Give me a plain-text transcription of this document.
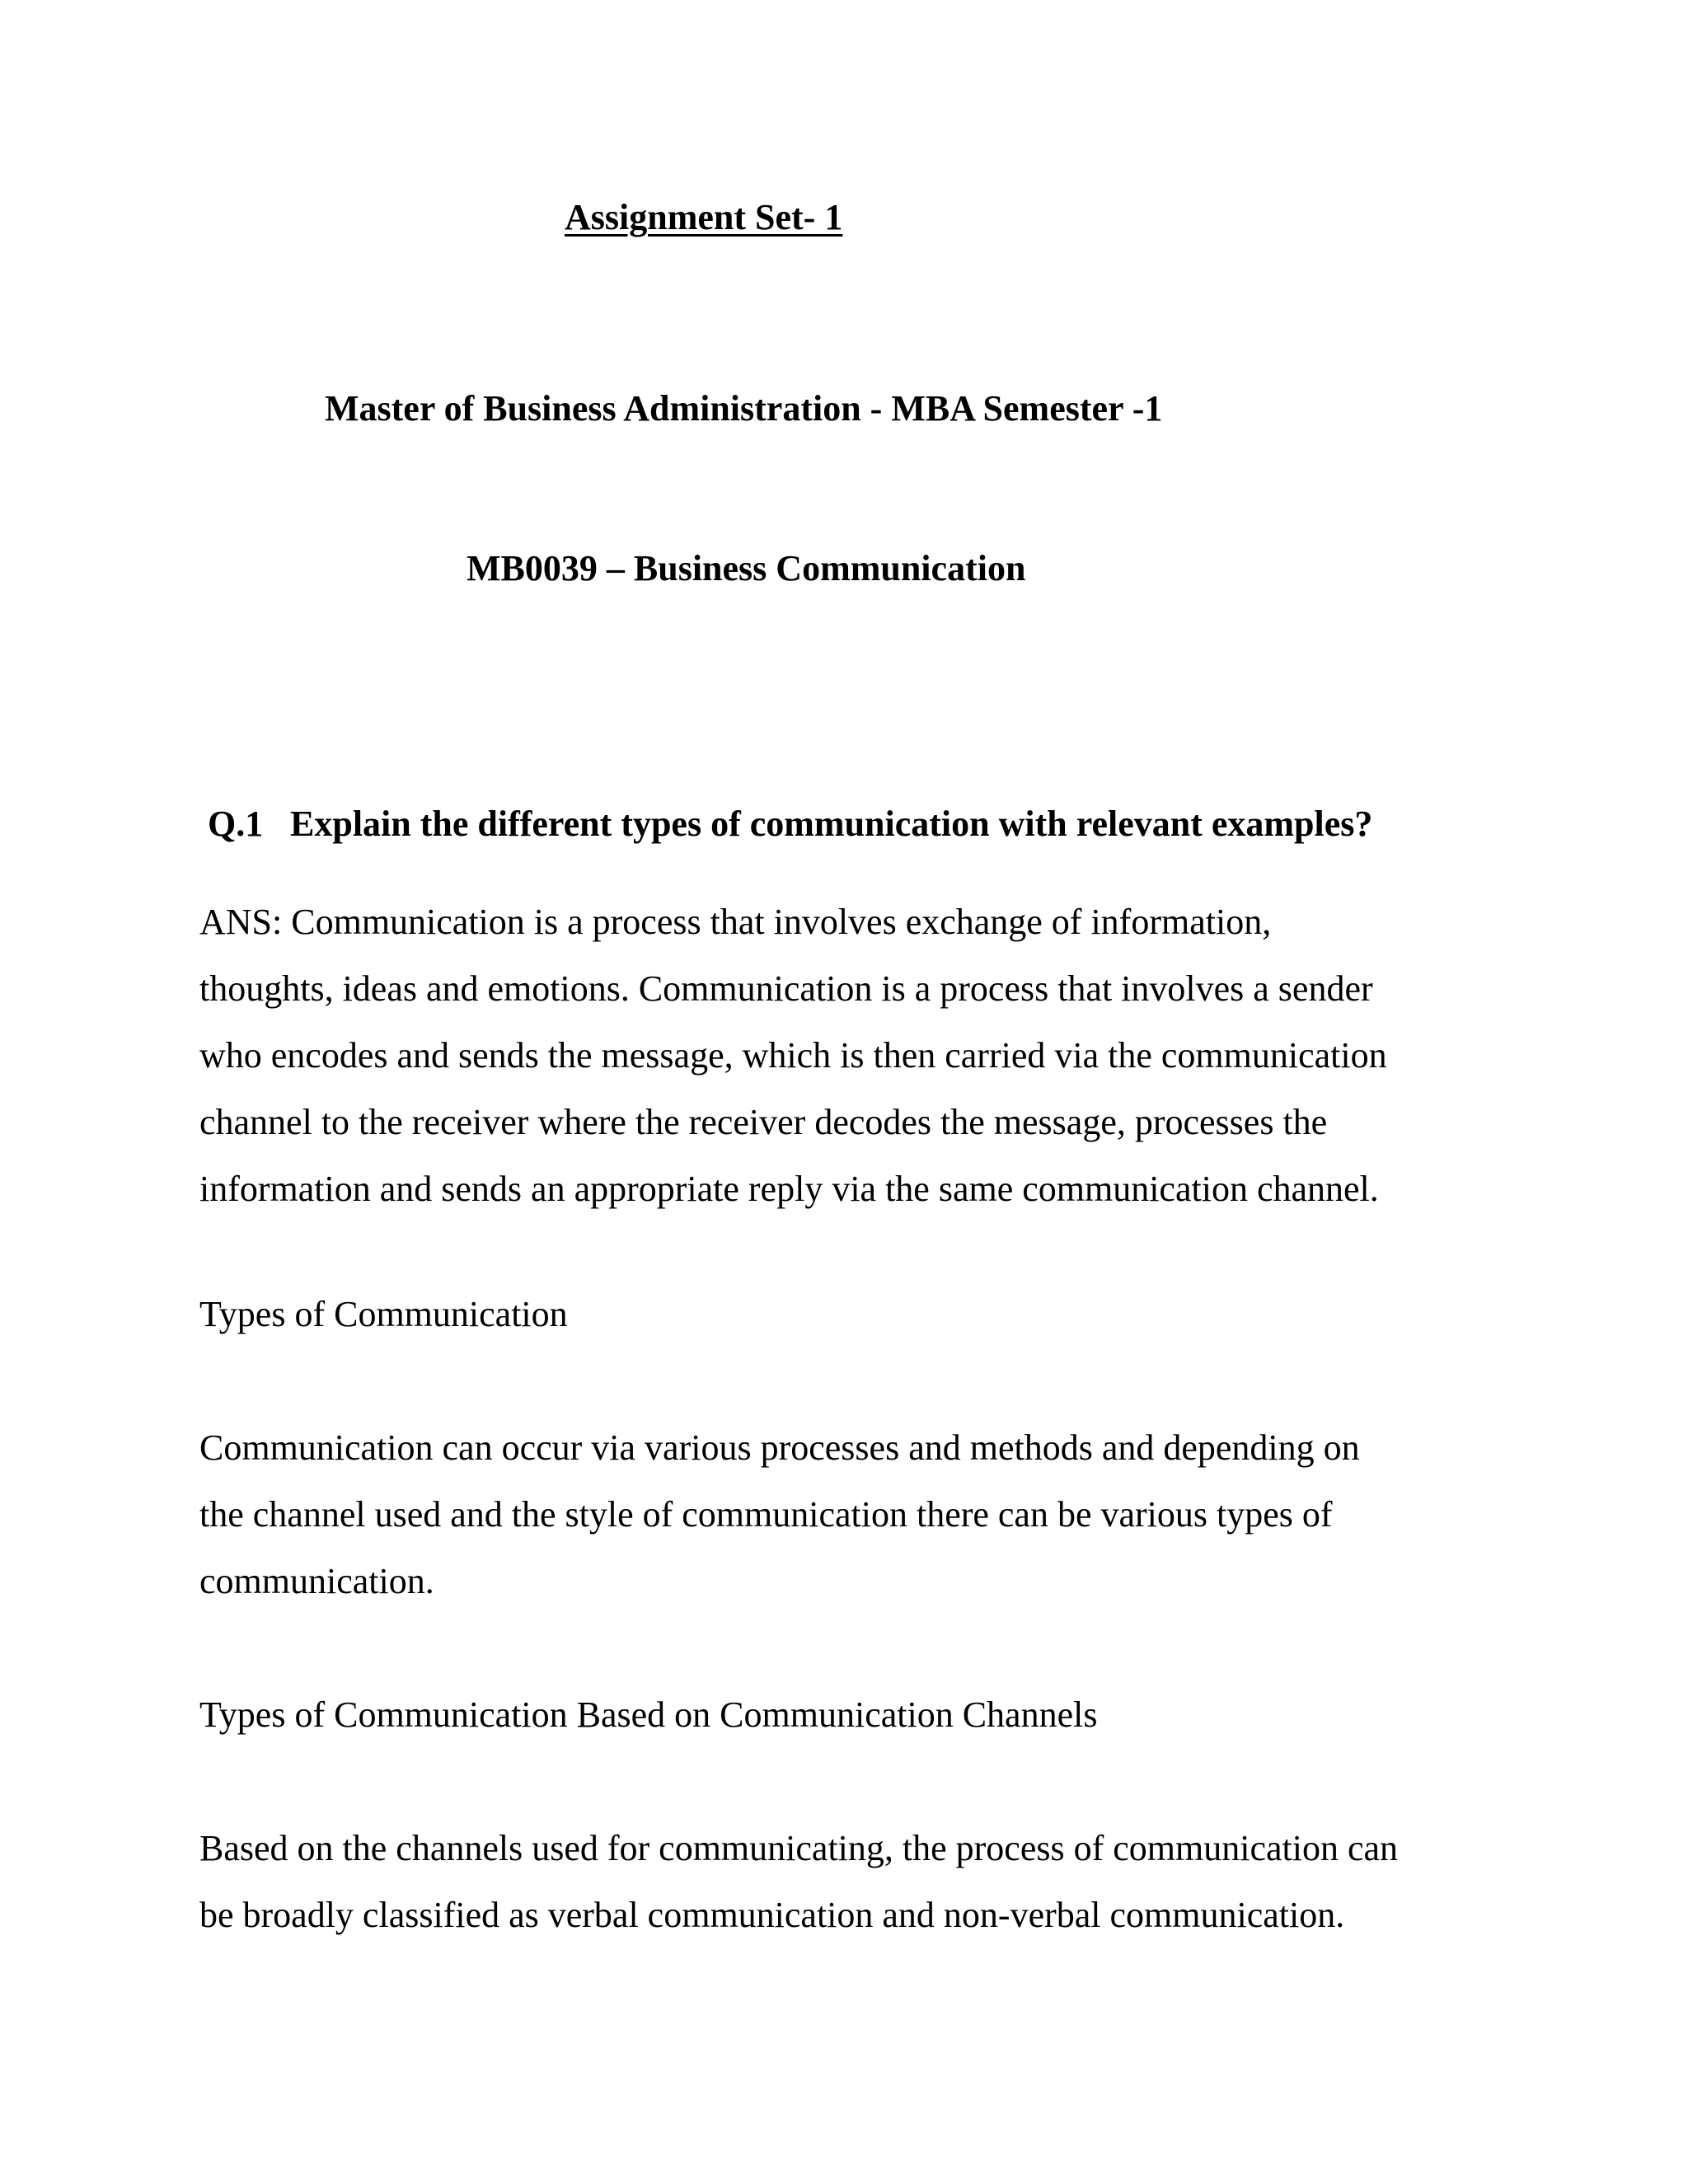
Assignment Set- 1
Master of Business Administration - MBA Semester -1
MB0039 – Business Communication

Q.1 Explain the different types of communication with relevant examples?

ANS: Communication is a process that involves exchange of information,
thoughts, ideas and emotions. Communication is a process that involves a sender
who encodes and sends the message, which is then carried via the communication
channel to the receiver where the receiver decodes the message, processes the
information and sends an appropriate reply via the same communication channel.

Types of Communication

Communication can occur via various processes and methods and depending on
the channel used and the style of communication there can be various types of
communication.

Types of Communication Based on Communication Channels

Based on the channels used for communicating, the process of communication can
be broadly classified as verbal communication and non-verbal communication.
